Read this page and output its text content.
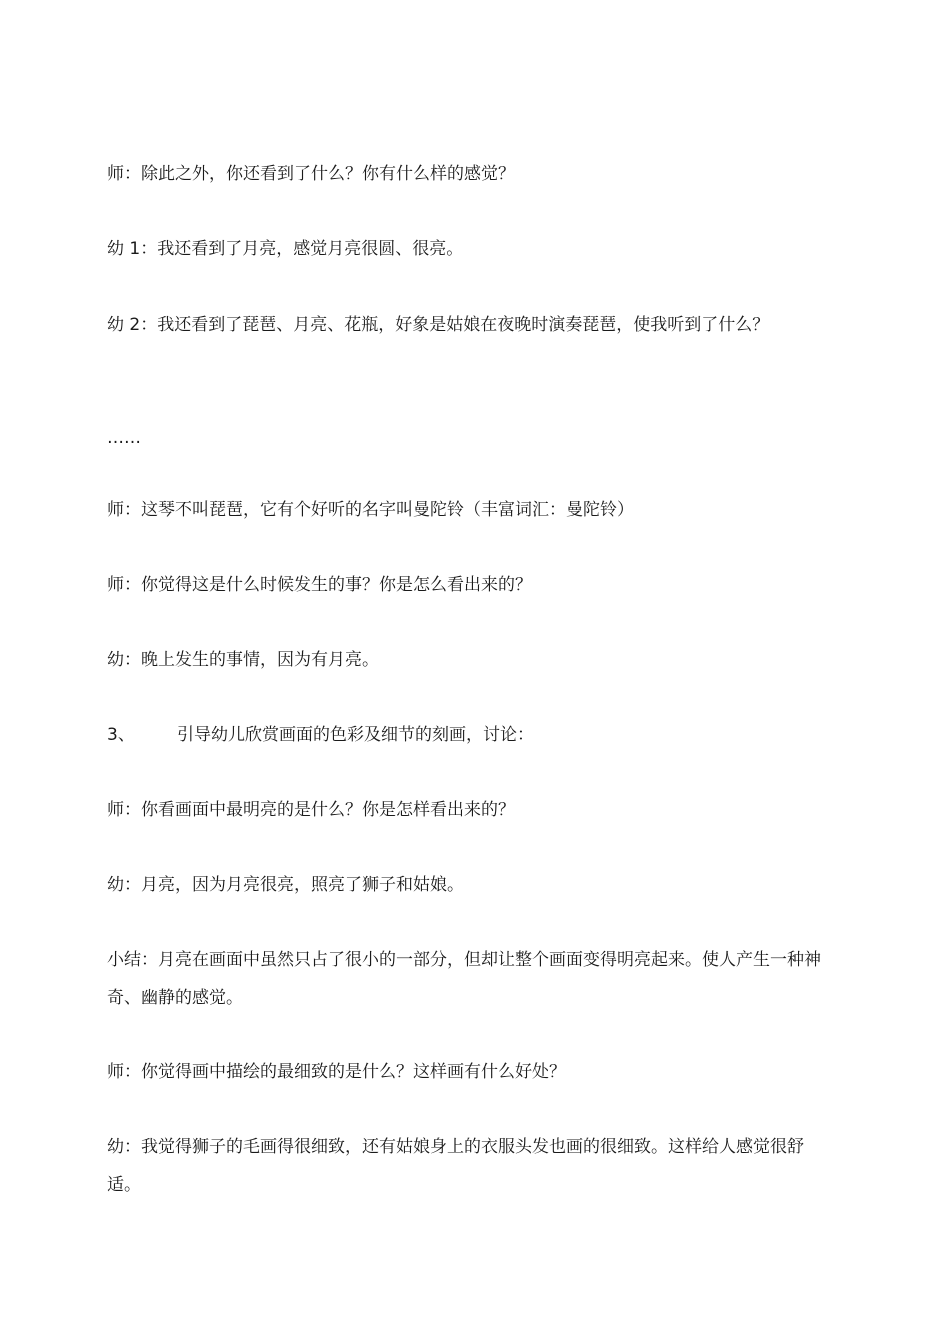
师：除此之外，你还看到了什么？你有什么样的感觉？

幼 1：我还看到了月亮，感觉月亮很圆、很亮。

幼 2：我还看到了琵琶、月亮、花瓶，好象是姑娘在夜晚时演奏琵琶，使我听到了什么？

……

师：这琴不叫琵琶，它有个好听的名字叫曼陀铃（丰富词汇：曼陀铃）

师：你觉得这是什么时候发生的事？你是怎么看出来的？

幼：晚上发生的事情，因为有月亮。

3、 引导幼儿欣赏画面的色彩及细节的刻画，讨论：

师：你看画面中最明亮的是什么？你是怎样看出来的？

幼：月亮，因为月亮很亮，照亮了狮子和姑娘。

小结：月亮在画面中虽然只占了很小的一部分，但却让整个画面变得明亮起来。使人产生一种神奇、幽静的感觉。

师：你觉得画中描绘的最细致的是什么？这样画有什么好处？

幼：我觉得狮子的毛画得很细致，还有姑娘身上的衣服头发也画的很细致。这样给人感觉很舒适。
